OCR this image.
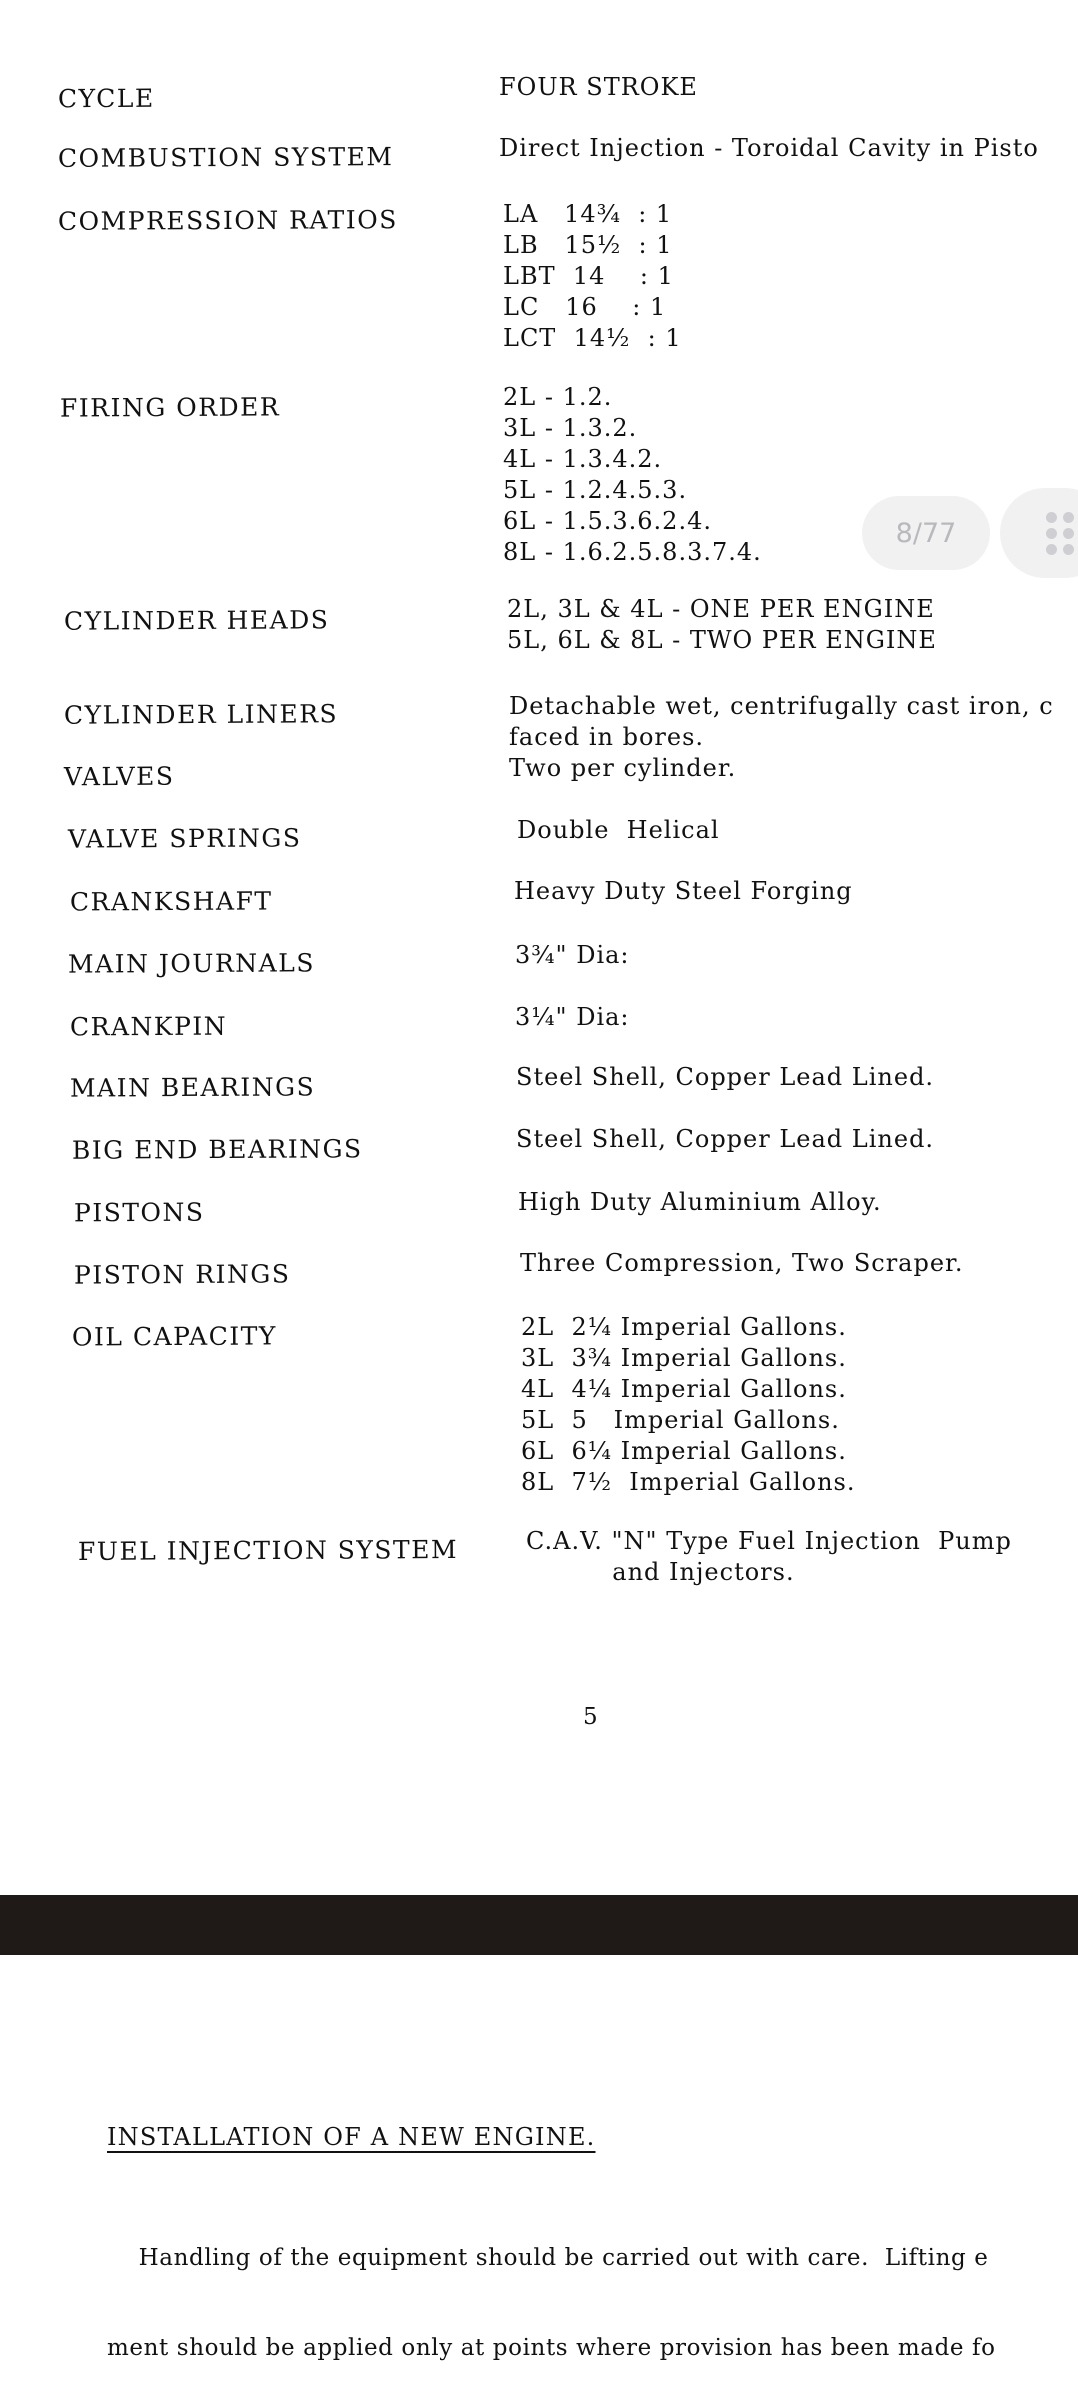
CYCLE	FOUR STROKE
COMBUSTION SYSTEM	Direct Injection - Toroidal Cavity in Pisto
COMPRESSION RATIOS	LA   14¾  : 1
LB   15½  : 1
LBT  14    : 1
LC   16    : 1
LCT  14½  : 1
FIRING ORDER	2L - 1.2.
3L - 1.3.2.
4L - 1.3.4.2.
5L - 1.2.4.5.3.
6L - 1.5.3.6.2.4.
8L - 1.6.2.5.8.3.7.4.
CYLINDER HEADS	2L, 3L & 4L - ONE PER ENGINE
5L, 6L & 8L - TWO PER ENGINE
CYLINDER LINERS	Detachable wet, centrifugally cast iron, c
faced in bores.
VALVES	Two per cylinder.
VALVE SPRINGS	Double  Helical
CRANKSHAFT	Heavy Duty Steel Forging
MAIN JOURNALS	3¾" Dia:
CRANKPIN	3¼" Dia:
MAIN BEARINGS	Steel Shell, Copper Lead Lined.
BIG END BEARINGS	Steel Shell, Copper Lead Lined.
PISTONS	High Duty Aluminium Alloy.
PISTON RINGS	Three Compression, Two Scraper.
OIL CAPACITY	2L  2¼ Imperial Gallons.
3L  3¾ Imperial Gallons.
4L  4¼ Imperial Gallons.
5L  5   Imperial Gallons.
6L  6¼ Imperial Gallons.
8L  7½  Imperial Gallons.
FUEL INJECTION SYSTEM	C.A.V. "N" Type Fuel Injection  Pump
and Injectors.
5
8/77
INSTALLATION OF A NEW ENGINE.

Handling of the equipment should be carried out with care.  Lifting e

ment should be applied only at points where provision has been made fo
